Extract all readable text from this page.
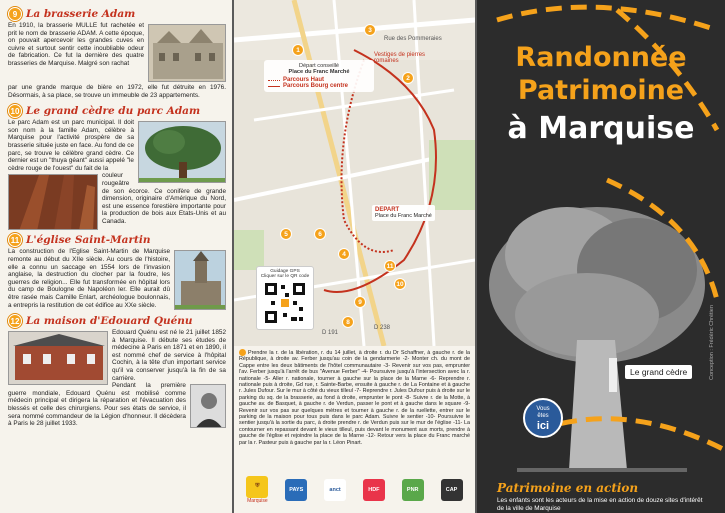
9 La brasserie Adam
En 1910, la brasserie MULLE fut rachetée et prit le nom de brasserie ADAM. A cette époque, on pouvait apercevoir les grandes cuves en cuivre et surtout sentir cette inoubliable odeur de fabrication. Ce fut la dernière des quatre brasseries de Marquise. Malgré son rachat
par une grande marque de bière en 1972, elle fut détruite en 1976. Désormais, à sa place, se trouve un immeuble de 23 appartements.
10 Le grand cèdre du parc Adam
Le parc Adam est un parc municipal. Il doit son nom à la famille Adam, célèbre à Marquise pour l'activité prospère de sa brasserie située juste en face. Au fond de ce parc, se trouve le célèbre grand cèdre. Ce dernier est un "thuya géant" aussi appelé "le cèdre rouge de l'ouest" du fait de la
couleur rougeâtre de son écorce. Ce conifère de grande dimension, originaire d'Amérique du Nord, est une essence forestière importante pour la production de bois aux Etats-Unis et au Canada.
11 L'église Saint-Martin
La construction de l'Eglise Saint-Martin de Marquise remonte au début du XIIe siècle. Au cours de l'histoire, elle a connu un saccage en 1554 lors de l'invasion anglaise, la destruction du clocher par la foudre, les guerres de religion... Elle fut transformée en hôpital lors du camp de Boulogne de Napoléon Ier. Elle aurait dû être rasée mais Camille Enlart, archéologue boulonnais, a entrepris la restitution de cet édifice au XXe siècle.
12 La maison d'Edouard Quénu
Edouard Quénu est né le 21 juillet 1852 à Marquise. Il débute ses études de médecine à Paris en 1871 et en 1890, il est nommé chef de service à l'hôpital Cochin, à la tête d'un important service qu'il va conserver jusqu'à la fin de sa carrière.
Pendant la première guerre mondiale, Edouard Quénu est mobilisé comme médecin principal et dirigera la réparation et l'évacuation des blessés et celle des chirurgiens. Pour ses états de service, il sera nommé commandeur de la Légion d'honneur. Il décèdera à Paris le 28 juillet 1933.
Départ conseillé
Place du Franc Marché
Parcours Haut
Parcours Bourg centre
Vestiges de pierres romaines
Rue des Pommeraies
D 191
D 238
3
1
2
5	6
4
11
10
9
8
DEPART
Place du Franc Marché
Guidage GPS
Cliquer sur le QR code
Prendre la r. de la libération, r. du 14 juillet, à droite r. du Dr Schaffner, à gauche r. de la République, à droite av. Ferber jusqu'au coin de la gendarmerie -2- Monter ch. du mont de Cappe entre les deux bâtiments de l'hôtel communautaire -3- Revenir sur vos pas, emprunter l'av. Ferber jusqu'à l'arrêt de bus "Avenue Ferber" -4- Poursuivre jusqu'à l'intersection avec la r. nationale -5- Aller r. nationale, tourner à gauche sur la place de la Marne -6- Reprendre r. nationale puis à droite, Gd rue, r. Sainte-Barbe, ensuite à gauche r. de La Fontaine et à gauche r. Jules Dufour. Sur le mur à côté du vieux tilleul -7- Reprendre r. Jules Dufour puis à droite sur le parking du sq. de la brasserie, au fond à droite, emprunter le pont -8- Suivre r. de la Motte, à gauche av. de Basquet, à gauche r. de Verdun, passer le pont et à gauche dans le square -9- Revenir sur vos pas sur quelques mètres et tourner à gauche r. de la ruellette, entrer sur le parking de la maison pour tous puis dans le parc Adam. Suivre le sentier -10- Poursuivre le sentier jusqu'à la sortie du parc, à droite prendre r. de Verdun puis sur le mur de l'église -11- La contourner en repassant devant le vieux tilleul, puis devant le monument aux morts, prendre à gauche de l'église et rejoindre la place de la Marne -12- Retour vers la place du Franc marché par la r. Pasteur puis à gauche par la r. Léon Pinart.
⛨
Marquise
PAYS	anct	HDF	PNR	CAP
Randonnée
Patrimoine
à Marquise
Le grand cèdre
Vous
êtes
ici
Conception : Frédéric Chrétien
Patrimoine en action
Les enfants sont les acteurs de la mise en action de douze sites d'intérêt de la ville de Marquise
